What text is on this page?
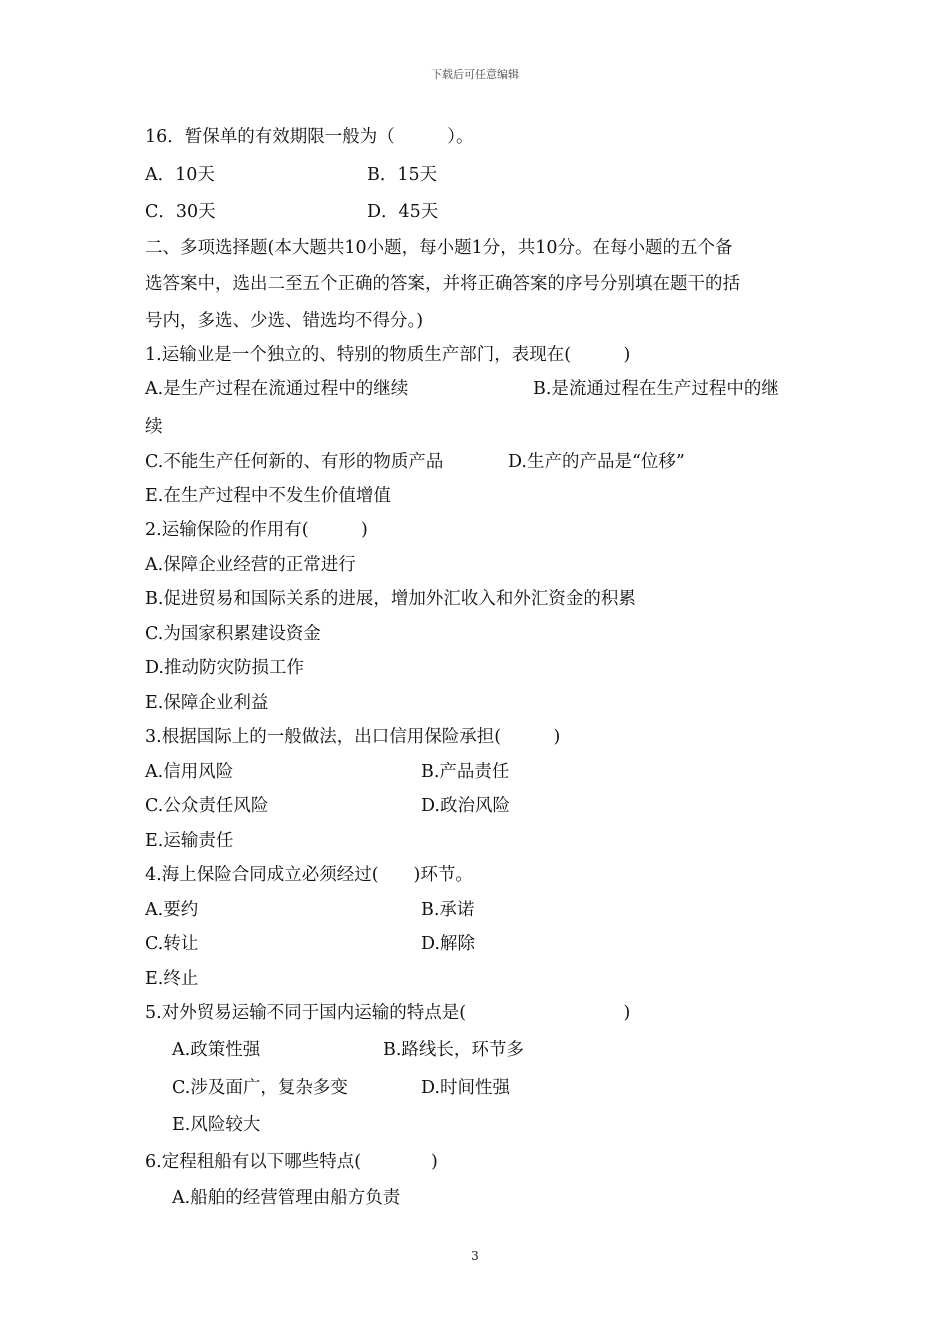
下载后可任意编辑
16．暂保单的有效期限一般为（　　　）。
A．10天	B．15天
C．30天	D．45天
二、多项选择题(本大题共10小题，每小题1分，共10分。在每小题的五个备
选答案中，选出二至五个正确的答案，并将正确答案的序号分别填在题干的括
号内，多选、少选、错选均不得分。)
1.运输业是一个独立的、特别的物质生产部门，表现在(　　　)
A.是生产过程在流通过程中的继续	B.是流通过程在生产过程中的继
续
C.不能生产任何新的、有形的物质产品	D.生产的产品是“位移”
E.在生产过程中不发生价值增值
2.运输保险的作用有(　　　)
A.保障企业经营的正常进行
B.促进贸易和国际关系的进展，增加外汇收入和外汇资金的积累
C.为国家积累建设资金
D.推动防灾防损工作
E.保障企业利益
3.根据国际上的一般做法，出口信用保险承担(　　　)
A.信用风险	B.产品责任
C.公众责任风险	D.政治风险
E.运输责任
4.海上保险合同成立必须经过(　　)环节。
A.要约	B.承诺
C.转让	D.解除
E.终止
5.对外贸易运输不同于国内运输的特点是(　　　　　　　　　)
A.政策性强	B.路线长，环节多
C.涉及面广，复杂多变	D.时间性强
E.风险较大
6.定程租船有以下哪些特点(　　　　)
A.船舶的经营管理由船方负责
3
